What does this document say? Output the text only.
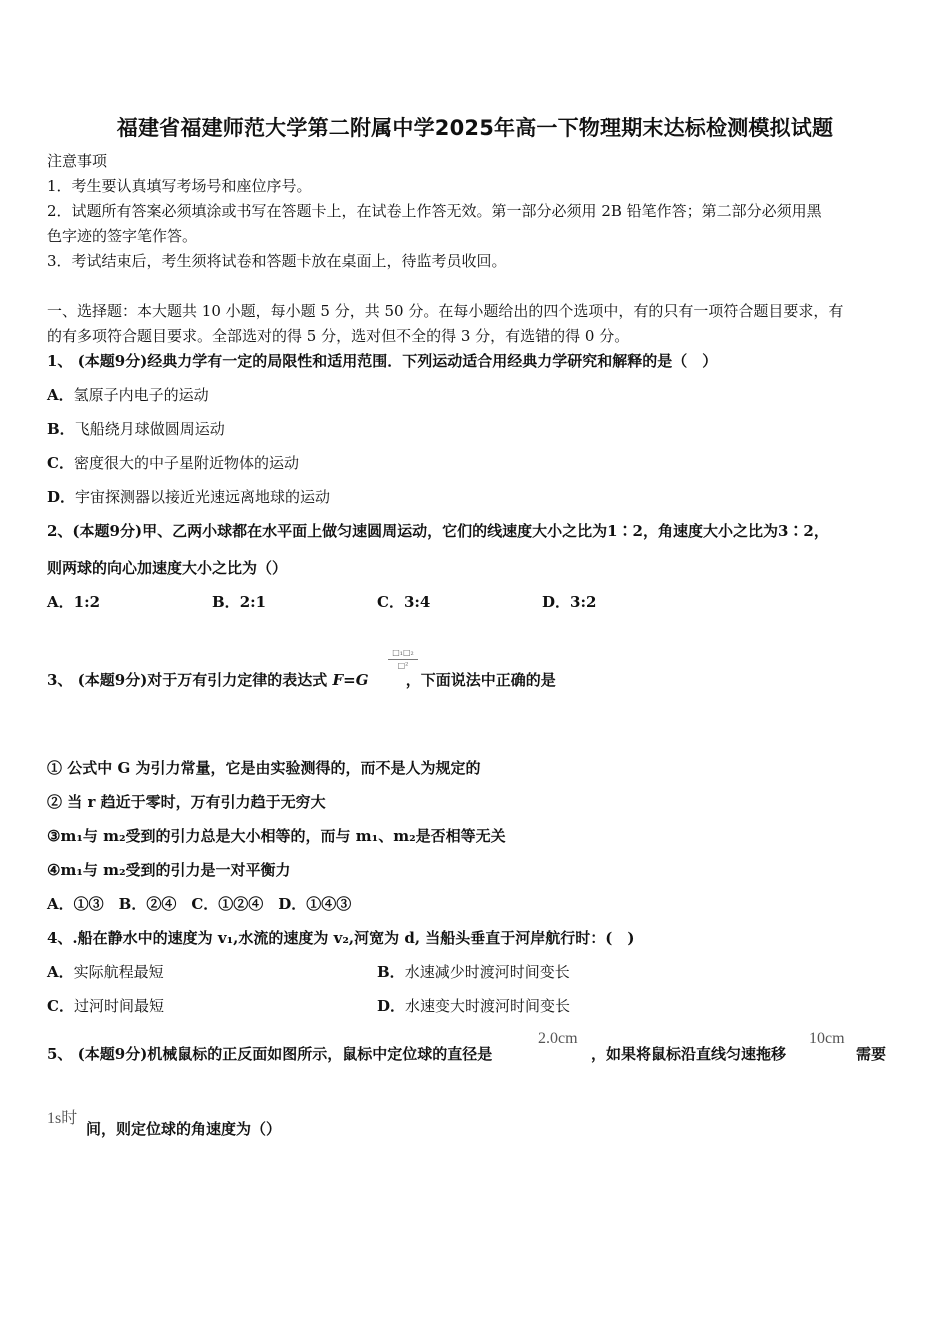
福建省福建师范大学第二附属中学2025年高一下物理期末达标检测模拟试题
注意事项
1．考生要认真填写考场号和座位序号。
2．试题所有答案必须填涂或书写在答题卡上，在试卷上作答无效。第一部分必须用 2B 铅笔作答；第二部分必须用黑
色字迹的签字笔作答。
3．考试结束后，考生须将试卷和答题卡放在桌面上，待监考员收回。
一、选择题：本大题共 10 小题，每小题 5 分，共 50 分。在每小题给出的四个选项中，有的只有一项符合题目要求，有
的有多项符合题目要求。全部选对的得 5 分，选对但不全的得 3 分，有选错的得 0 分。
1、 (本题9分)经典力学有一定的局限性和适用范围．下列运动适合用经典力学研究和解释的是（　）
A．氢原子内电子的运动
B．飞船绕月球做圆周运动
C．密度很大的中子星附近物体的运动
D．宇宙探测器以接近光速远离地球的运动
2、(本题9分)甲、乙两小球都在水平面上做匀速圆周运动，它们的线速度大小之比为1∶2，角速度大小之比为3∶2，
则两球的向心加速度大小之比为（）
A．1:2	B．2:1	C．3:4	D．3:2
3、 (本题9分)对于万有引力定律的表达式 F=G ，下面说法中正确的是
□₁□₂
□²
① 公式中 G 为引力常量，它是由实验测得的，而不是人为规定的
② 当 r 趋近于零时，万有引力趋于无穷大
③m₁与 m₂受到的引力总是大小相等的，而与 m₁、m₂是否相等无关
④m₁与 m₂受到的引力是一对平衡力
A．①③　B．②④　C．①②④　D．①④③
4、.船在静水中的速度为 v₁,水流的速度为 v₂,河宽为 d, 当船头垂直于河岸航行时：(　)
A．实际航程最短	B．水速减少时渡河时间变长
C．过河时间最短	D．水速变大时渡河时间变长
5、 (本题9分)机械鼠标的正反面如图所示，鼠标中定位球的直径是
2.0cm
，如果将鼠标沿直线匀速拖移
10cm
需要
1s时
间，则定位球的角速度为（）
